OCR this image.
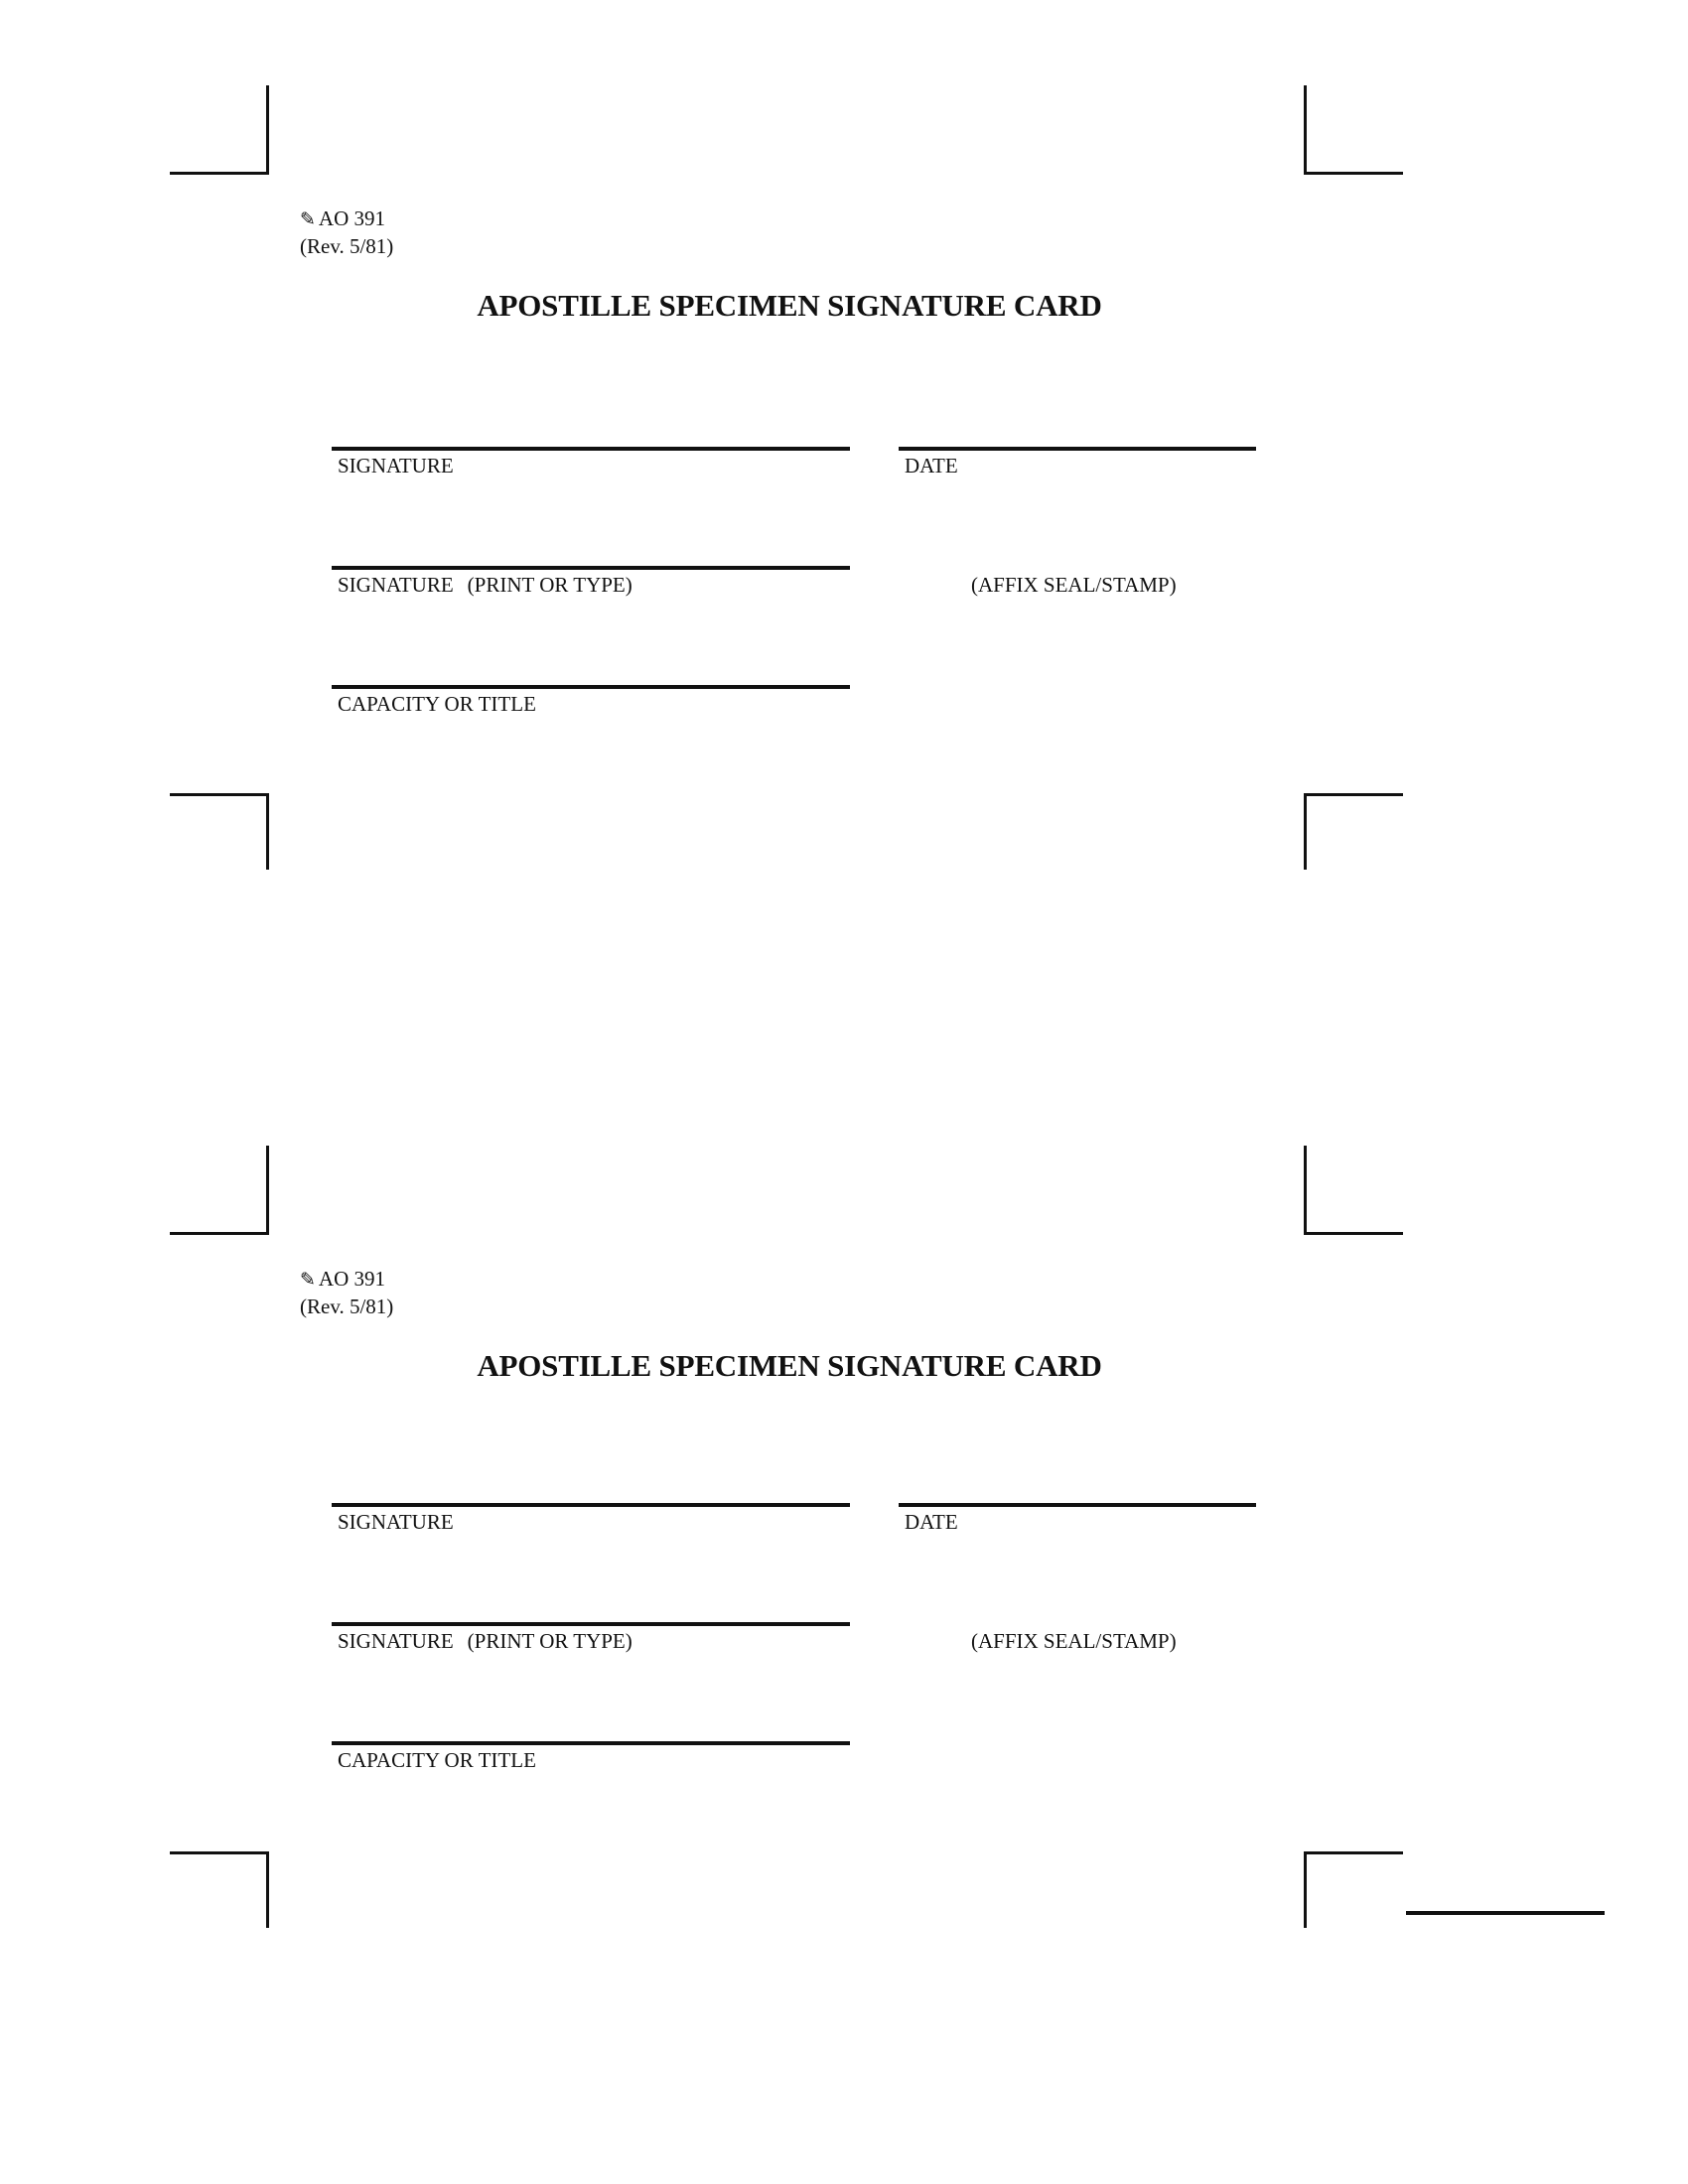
✎ AO 391
(Rev. 5/81)
APOSTILLE SPECIMEN SIGNATURE CARD
SIGNATURE	DATE
SIGNATURE (PRINT OR TYPE)	(AFFIX SEAL/STAMP)
CAPACITY OR TITLE
✎ AO 391
(Rev. 5/81)
APOSTILLE SPECIMEN SIGNATURE CARD
SIGNATURE	DATE
SIGNATURE (PRINT OR TYPE)	(AFFIX SEAL/STAMP)
CAPACITY OR TITLE
